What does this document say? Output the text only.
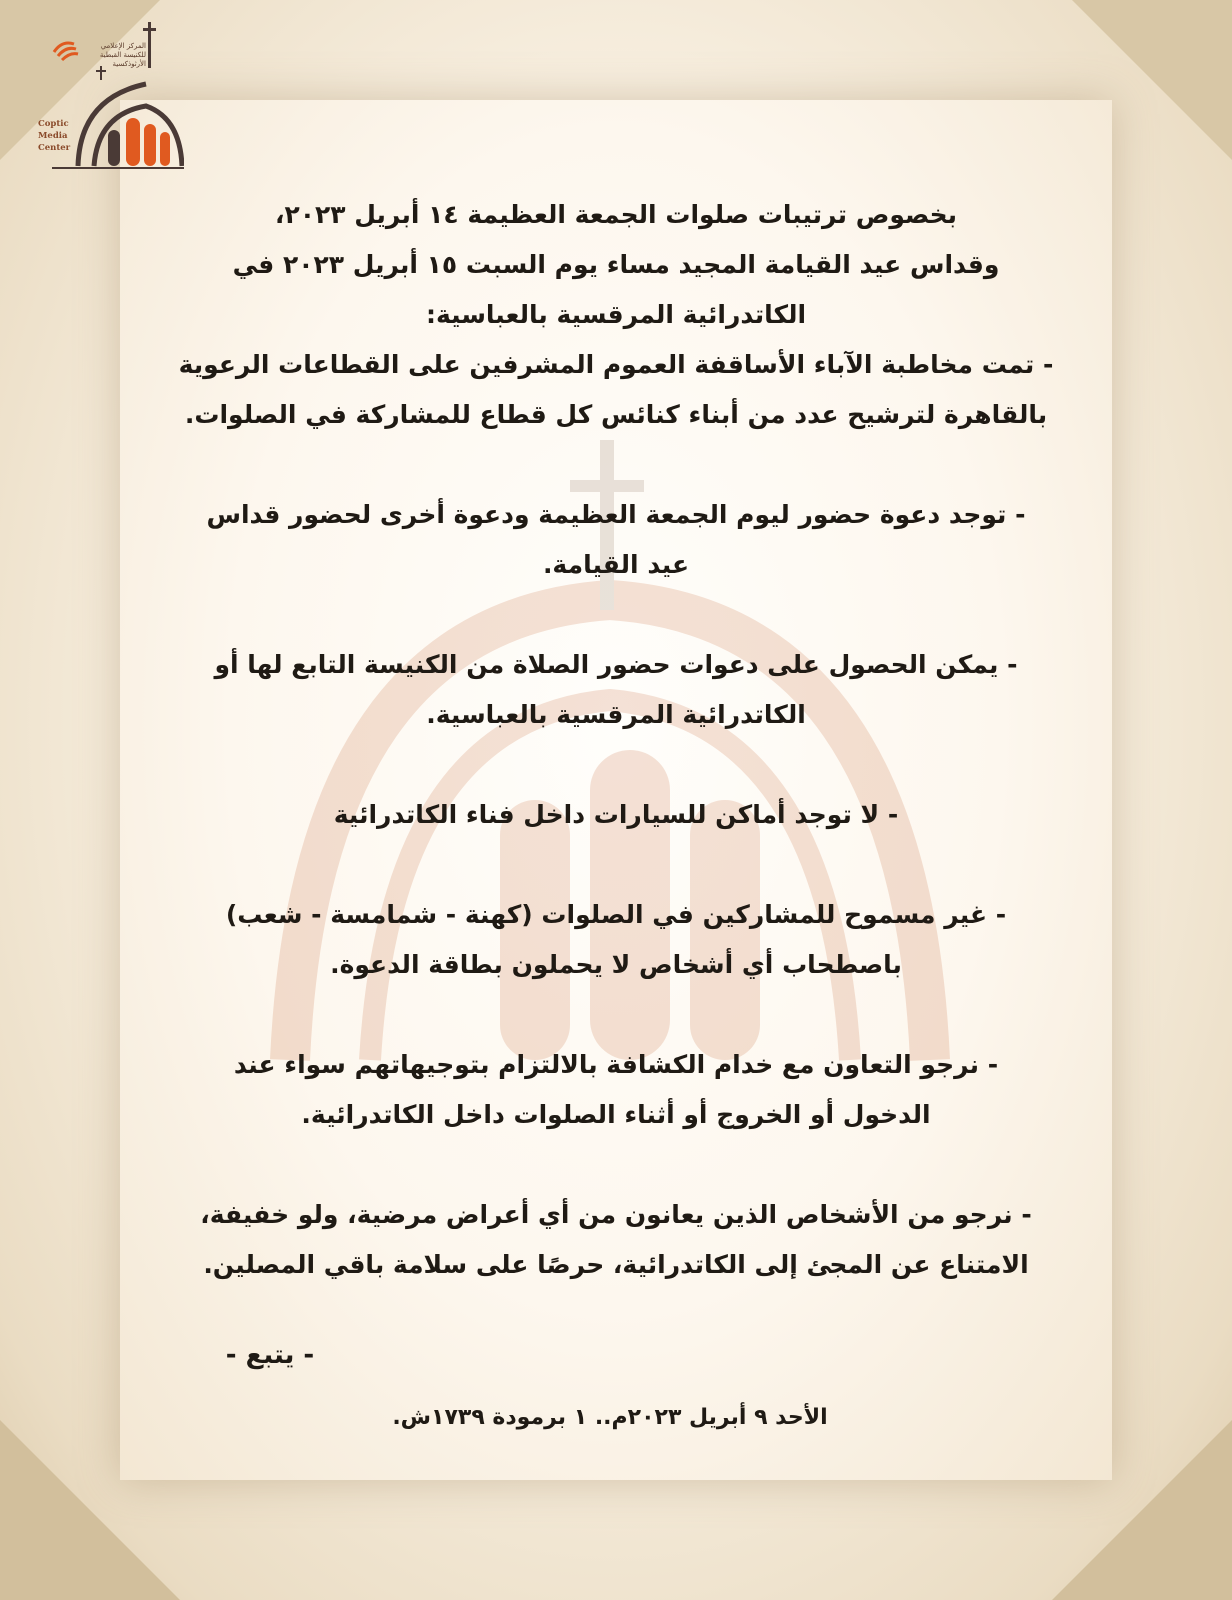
المركز الإعلامي
للكنيسة القبطية الأرثوذكسية
Coptic
Media
Center

بخصوص ترتيبات صلوات الجمعة العظيمة ١٤ أبريل ٢٠٢٣،

وقداس عيد القيامة المجيد مساء يوم السبت ١٥ أبريل ٢٠٢٣ في

الكاتدرائية المرقسية بالعباسية:

- تمت مخاطبة الآباء الأساقفة العموم المشرفين على القطاعات الرعوية

بالقاهرة لترشيح عدد من أبناء كنائس كل قطاع للمشاركة في الصلوات.

- توجد دعوة حضور ليوم الجمعة العظيمة ودعوة أخرى لحضور قداس

عيد القيامة.

- يمكن الحصول على دعوات حضور الصلاة من الكنيسة التابع لها أو

الكاتدرائية المرقسية بالعباسية.

- لا توجد أماكن للسيارات داخل فناء الكاتدرائية

- غير مسموح للمشاركين في الصلوات (كهنة - شمامسة - شعب)

باصطحاب أي أشخاص لا يحملون بطاقة الدعوة.

- نرجو التعاون مع خدام الكشافة بالالتزام بتوجيهاتهم سواء عند

الدخول أو الخروج أو أثناء الصلوات داخل الكاتدرائية.

- نرجو من الأشخاص الذين يعانون من أي أعراض مرضية، ولو خفيفة،

الامتناع عن المجئ إلى الكاتدرائية، حرصًا على سلامة باقي المصلين.

- يتبع -
الأحد ٩ أبريل ٢٠٢٣م.. ١ برمودة ١٧٣٩ش.
